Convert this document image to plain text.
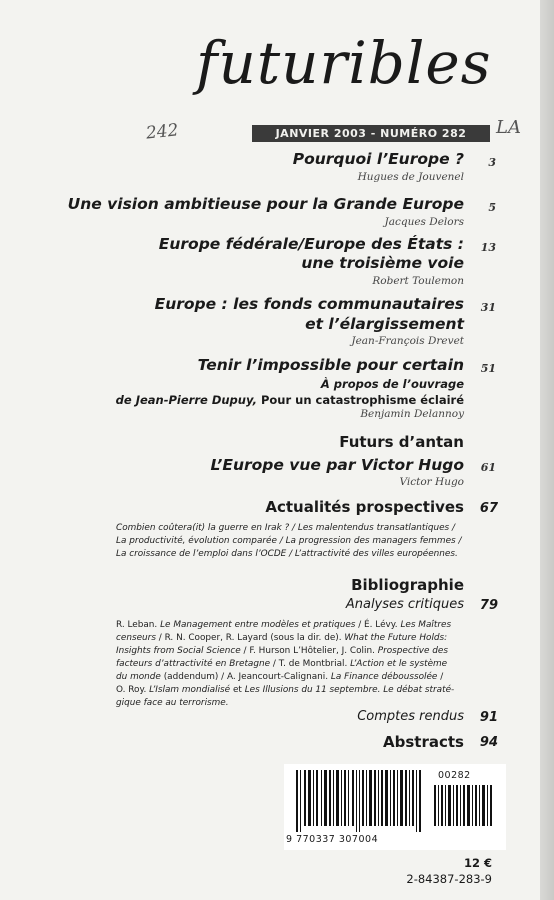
futuribles
242	LA
JANVIER 2003 - NUMÉRO 282
Pourquoi l’Europe ? 3
Hugues de Jouvenel
Une vision ambitieuse pour la Grande Europe 5
Jacques Delors
Europe fédérale/Europe des États : 13
une troisième voie
Robert Toulemon
Europe : les fonds communautaires 31
et l’élargissement
Jean-François Drevet
Tenir l’impossible pour certain 51
À propos de l’ouvrage
de Jean-Pierre Dupuy, Pour un catastrophisme éclairé
Benjamin Delannoy
Futurs d’antan
L’Europe vue par Victor Hugo 61
Victor Hugo
Actualités prospectives 67
Combien coûtera(it) la guerre en Irak ? / Les malentendus transatlantiques /
La productivité, évolution comparée / La progression des managers femmes /
La croissance de l’emploi dans l’OCDE / L’attractivité des villes européennes.
Bibliographie
Analyses critiques 79
R. Leban. Le Management entre modèles et pratiques / É. Lévy. Les Maîtres
censeurs / R. N. Cooper, R. Layard (sous la dir. de). What the Future Holds:
Insights from Social Science / F. Hurson L’Hôtelier, J. Colin. Prospective des
facteurs d’attractivité en Bretagne / T. de Montbrial. L’Action et le système
du monde (addendum) / A. Jeancourt-Calignani. La Finance déboussolée /
O. Roy. L’Islam mondialisé et Les Illusions du 11 septembre. Le débat straté-
gique face au terrorisme.
Comptes rendus 91
Abstracts 94
00282
9 770337 307004
12 €
2-84387-283-9
